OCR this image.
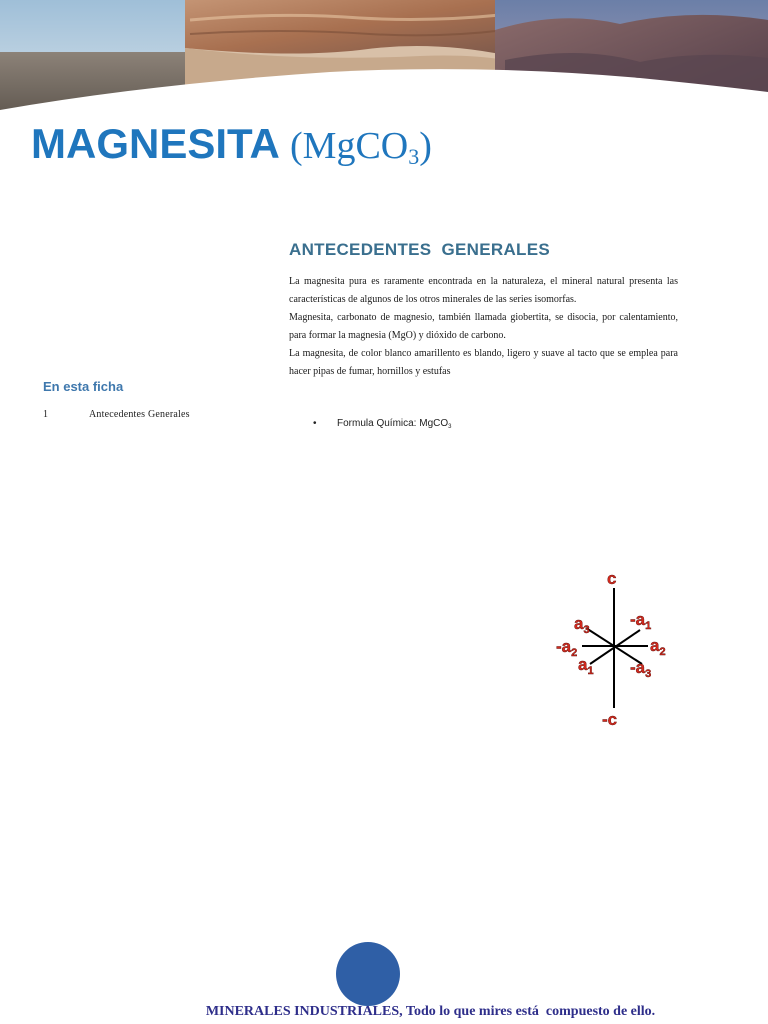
MAGNESITA (MgCO$_3$)
En esta ficha
1	Antecedentes Generales
ANTECEDENTES  GENERALES

La magnesita pura es raramente encontrada en la naturaleza, el mineral natural presenta las características de algunos de los otros minerales de las series isomorfas.

Magnesita, carbonato de magnesio, también llamada giobertita, se disocia, por calentamiento, para formar la magnesia (MgO) y dióxido de carbono.

La magnesita, de color blanco amarillento es blando, ligero y suave al tacto que se emplea para hacer pipas de fumar, hornillos y estufas

• Formula Química: MgCO$_3$
c
-c
$a_3$
$-a_1$
$-a_2$	$a_2$
$a_1$ $-a_3$
MINERALES INDUSTRIALES, Todo lo que mires está  compuesto de ello.
